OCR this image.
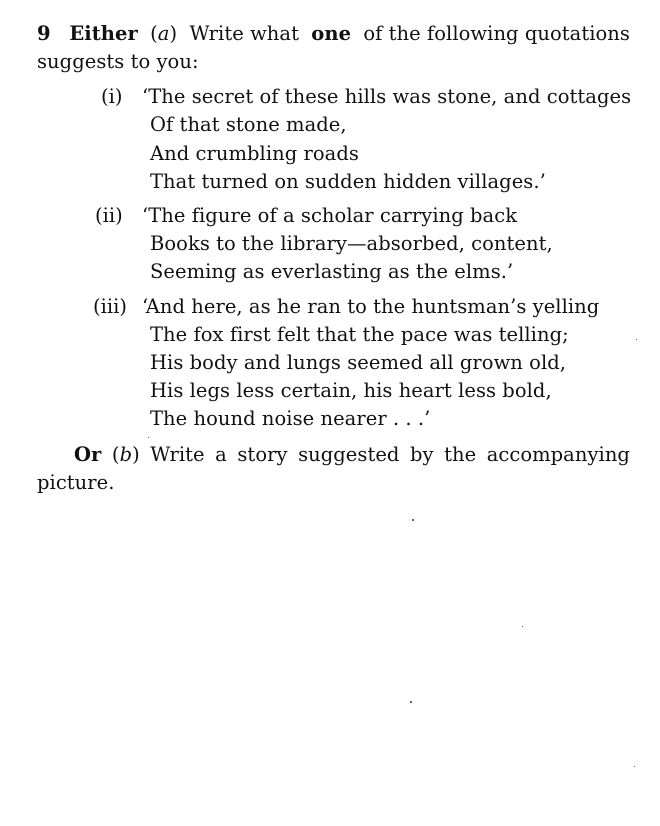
9 Either (a) Write what one of the following quotations
suggests to you:
(i) ‘The secret of these hills was stone, and cottages
Of that stone made,
And crumbling roads
That turned on sudden hidden villages.’
(ii) ‘The figure of a scholar carrying back
Books to the library—absorbed, content,
Seeming as everlasting as the elms.’
(iii) ‘And here, as he ran to the huntsman’s yelling
The fox first felt that the pace was telling;
His body and lungs seemed all grown old,
His legs less certain, his heart less bold,
The hound noise nearer . . .’
Or (b) Write a story suggested by the accompanying
picture.
